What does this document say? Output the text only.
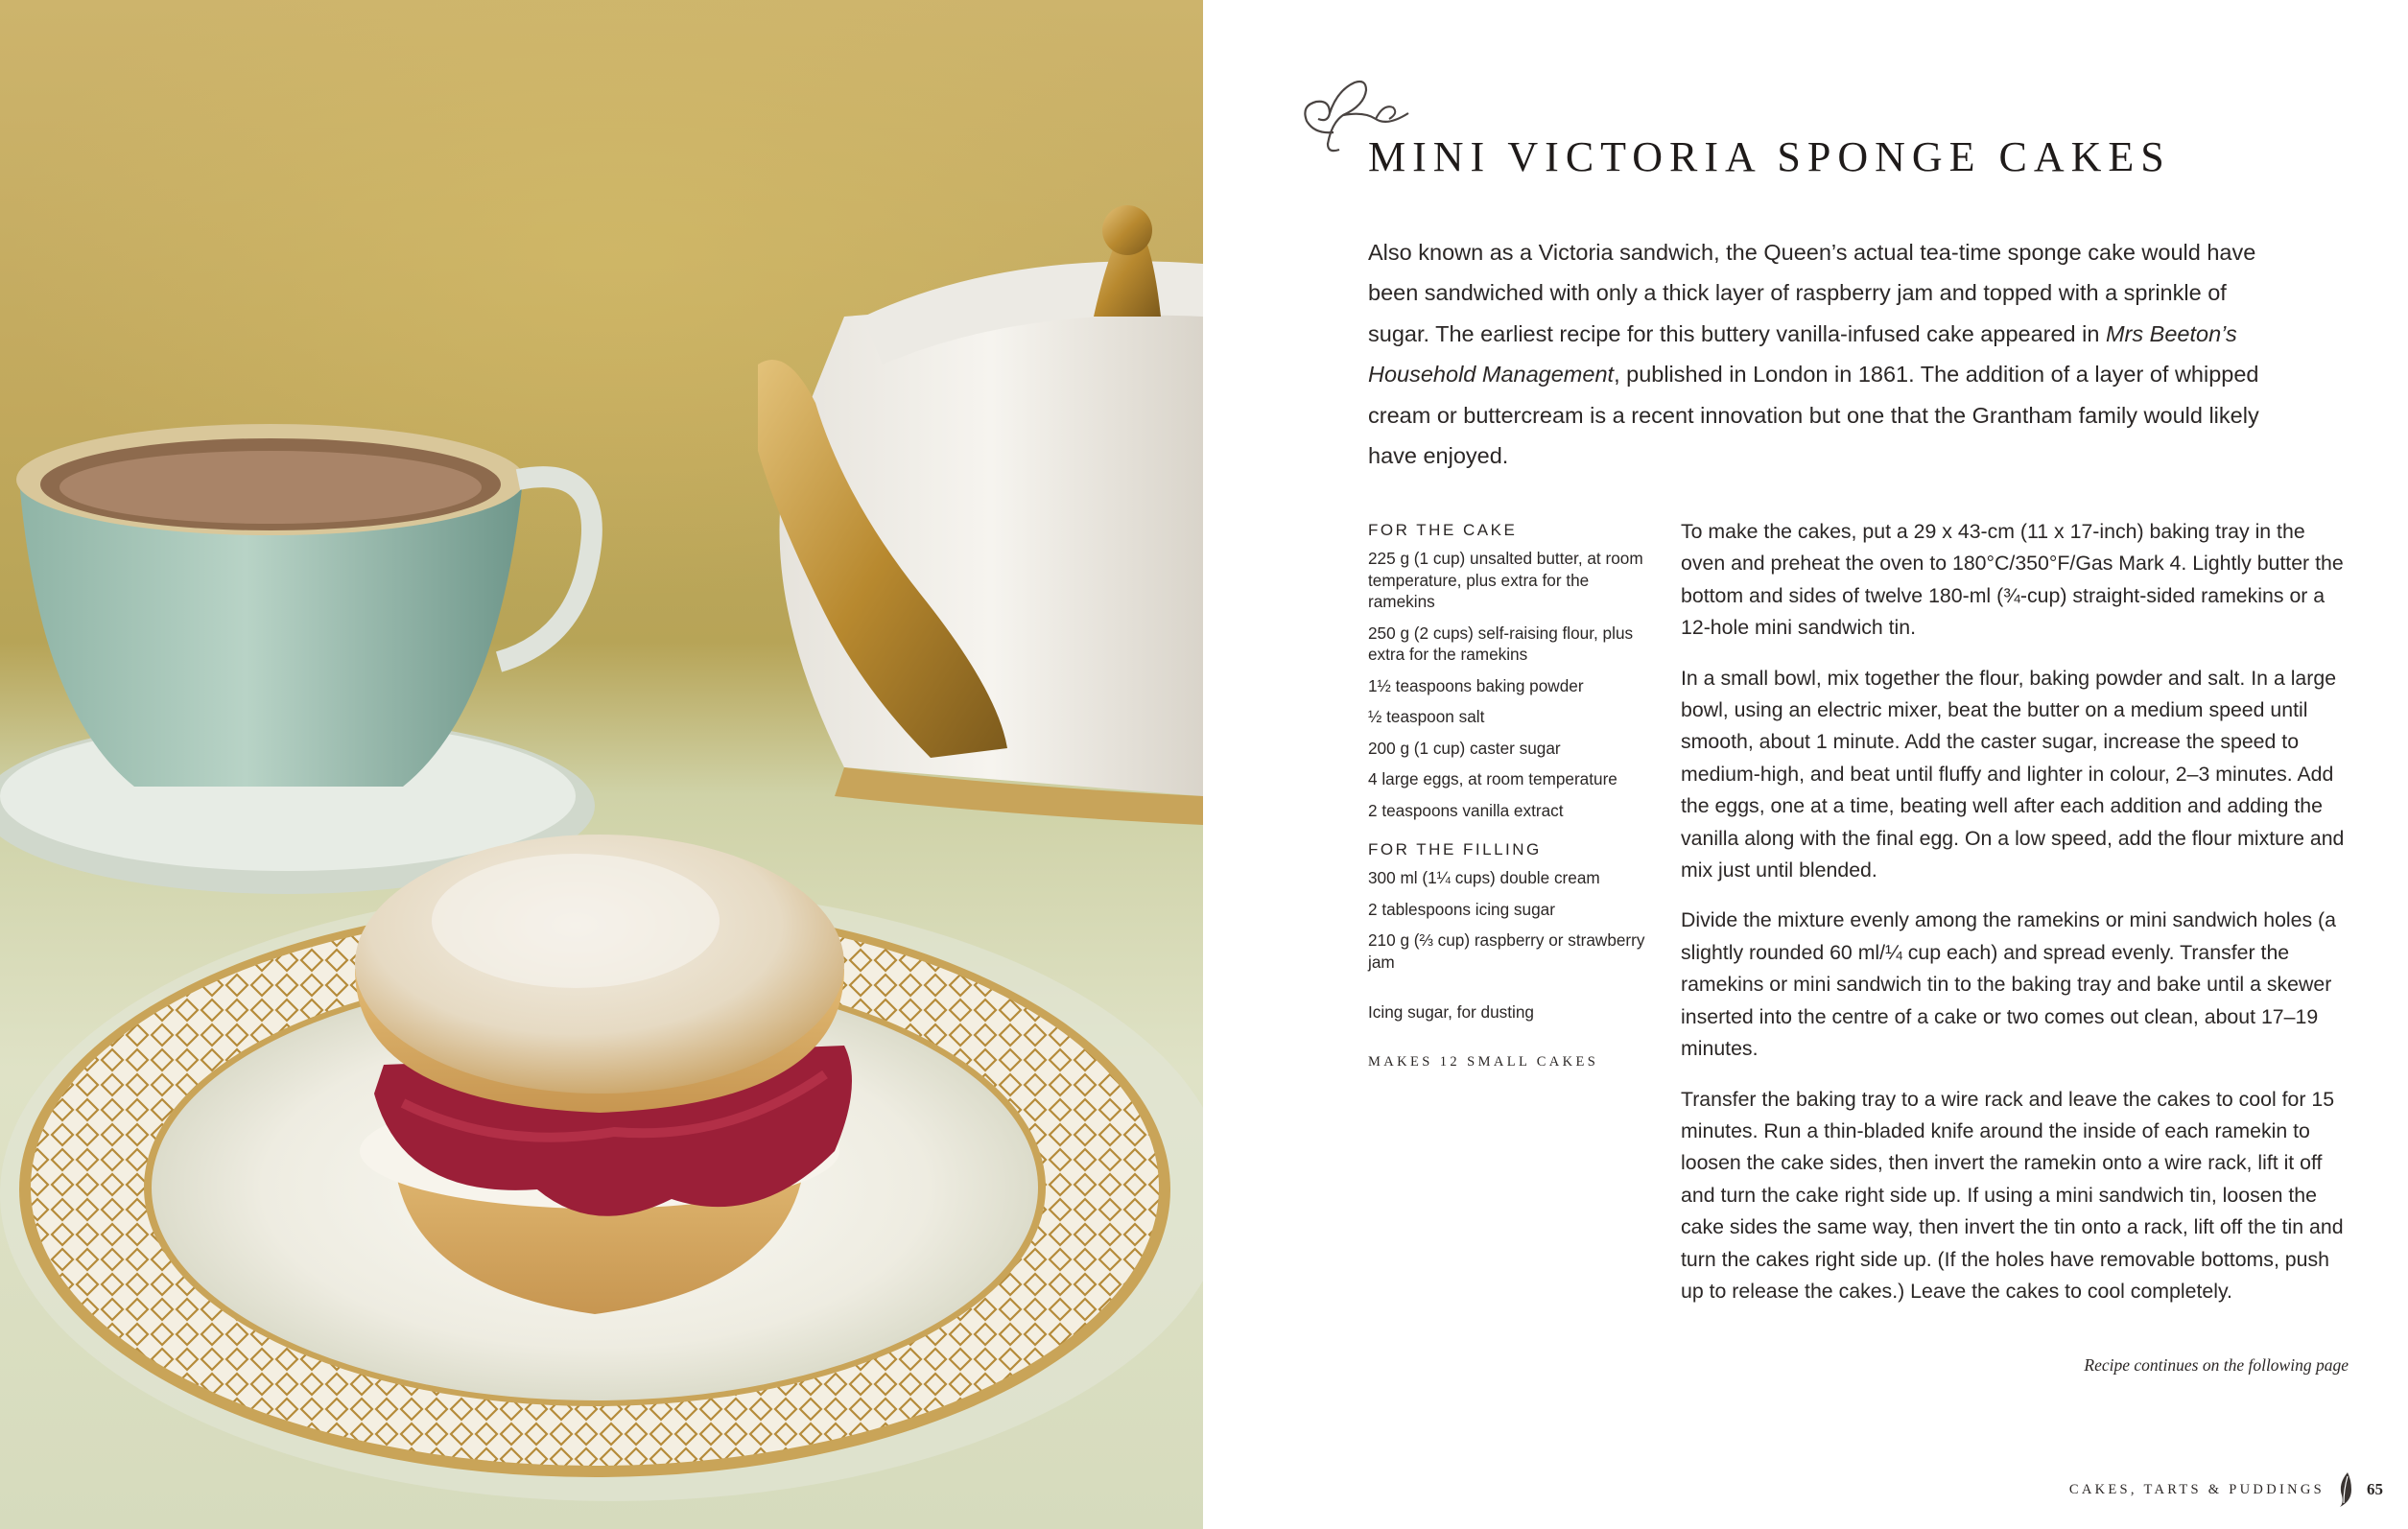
MINI VICTORIA SPONGE CAKES

Also known as a Victoria sandwich, the Queen’s actual tea-time sponge cake would have been sandwiched with only a thick layer of raspberry jam and topped with a sprinkle of sugar. The earliest recipe for this buttery vanilla-infused cake appeared in Mrs Beeton’s Household Management, published in London in 1861. The addition of a layer of whipped cream or buttercream is a recent innovation but one that the Grantham family would likely have enjoyed.

FOR THE CAKE
225 g (1 cup) unsalted butter, at room temperature, plus extra for the ramekins
250 g (2 cups) self-raising flour, plus extra for the ramekins
1½ teaspoons baking powder
½ teaspoon salt
200 g (1 cup) caster sugar
4 large eggs, at room temperature
2 teaspoons vanilla extract
FOR THE FILLING
300 ml (1¼ cups) double cream
2 tablespoons icing sugar
210 g (⅔ cup) raspberry or strawberry jam

Icing sugar, for dusting

MAKES 12 SMALL CAKES

To make the cakes, put a 29 x 43-cm (11 x 17-inch) baking tray in the oven and preheat the oven to 180°C/350°F/Gas Mark 4. Lightly butter the bottom and sides of twelve 180-ml (¾-cup) straight-sided ramekins or a 12-hole mini sandwich tin.

In a small bowl, mix together the flour, baking powder and salt. In a large bowl, using an electric mixer, beat the butter on a medium speed until smooth, about 1 minute. Add the caster sugar, increase the speed to medium-high, and beat until fluffy and lighter in colour, 2–3 minutes. Add the eggs, one at a time, beating well after each addition and adding the vanilla along with the final egg. On a low speed, add the flour mixture and mix just until blended.

Divide the mixture evenly among the ramekins or mini sandwich holes (a slightly rounded 60 ml/¼ cup each) and spread evenly. Transfer the ramekins or mini sandwich tin to the baking tray and bake until a skewer inserted into the centre of a cake or two comes out clean, about 17–19 minutes.

Transfer the baking tray to a wire rack and leave the cakes to cool for 15 minutes. Run a thin-bladed knife around the inside of each ramekin to loosen the cake sides, then invert the ramekin onto a wire rack, lift it off and turn the cake right side up. If using a mini sandwich tin, loosen the cake sides the same way, then invert the tin onto a rack, lift off the tin and turn the cakes right side up. (If the holes have removable bottoms, push up to release the cakes.) Leave the cakes to cool completely.

Recipe continues on the following page

CAKES, TARTS & PUDDINGS	65
